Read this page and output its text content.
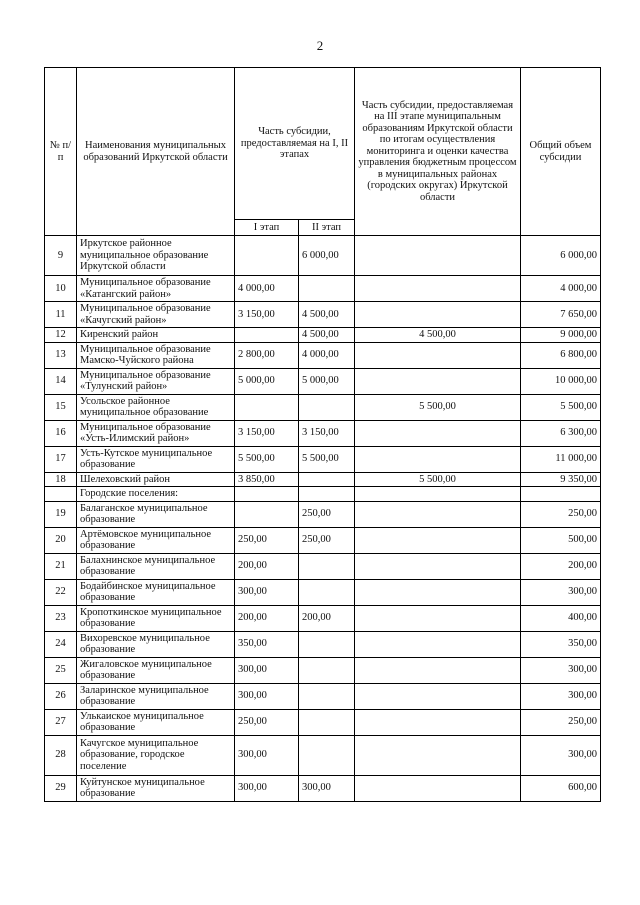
2
№ п/п	Наименования муниципальных образований Иркутской области	Часть субсидии, предоставляемая на I, II этапах		Часть субсидии, предоставляемая на III этапе муниципальным образованиям Иркутской области по итогам осуществления мониторинга и оценки качества управления бюджетным процессом в муниципальных районах (городских округах) Иркутской области	Общий объем субсидии
		I этап	II этап		
9	Иркутское районное муниципальное образование Иркутской области		6 000,00		6 000,00
10	Муниципальное образование «Катангский район»	4 000,00			4 000,00
11	Муниципальное образование «Качугский район»	3 150,00	4 500,00		7 650,00
12	Киренский район		4 500,00	4 500,00	9 000,00
13	Муниципальное образование Мамско-Чуйского района	2 800,00	4 000,00		6 800,00
14	Муниципальное образование «Тулунский район»	5 000,00	5 000,00		10 000,00
15	Усольское районное муниципальное образование			5 500,00	5 500,00
16	Муниципальное образование «Усть-Илимский район»	3 150,00	3 150,00		6 300,00
17	Усть-Кутское муниципальное образование	5 500,00	5 500,00		11 000,00
18	Шелеховский район	3 850,00		5 500,00	9 350,00
	Городские поселения:				
19	Балаганское муниципальное образование		250,00		250,00
20	Артёмовское муниципальное образование	250,00	250,00		500,00
21	Балахнинское муниципальное образование	200,00			200,00
22	Бодайбинское муниципальное образование	300,00			300,00
23	Кропоткинское муниципальное образование	200,00	200,00		400,00
24	Вихоревское муниципальное образование	350,00			350,00
25	Жигаловское муниципальное образование	300,00			300,00
26	Заларинское муниципальное образование	300,00			300,00
27	Улькаиское муниципальное образование	250,00			250,00
28	Качугское муниципальное образование, городское поселение	300,00			300,00
29	Куйтунское муниципальное образование	300,00	300,00		600,00
